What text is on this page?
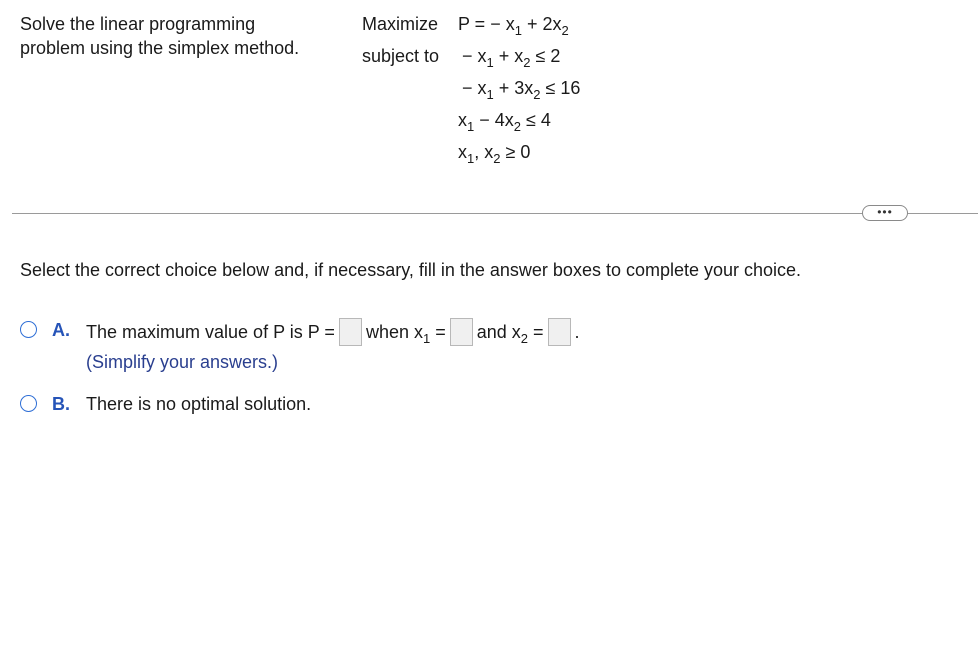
Solve the linear programming problem using the simplex method.
Maximize P = − $x_1 + 2x_2$
subject to − $x_1 + x_2 \le 2$
− $x_1 + 3x_2 \le 16$
$x_1 - 4x_2 \le 4$
$x_1$, $x_2 \ge 0$
•••
Select the correct choice below and, if necessary, fill in the answer boxes to complete your choice.
A. The maximum value of P is P = when $x_1$ = and $x_2$ = .
(Simplify your answers.)
B. There is no optimal solution.
